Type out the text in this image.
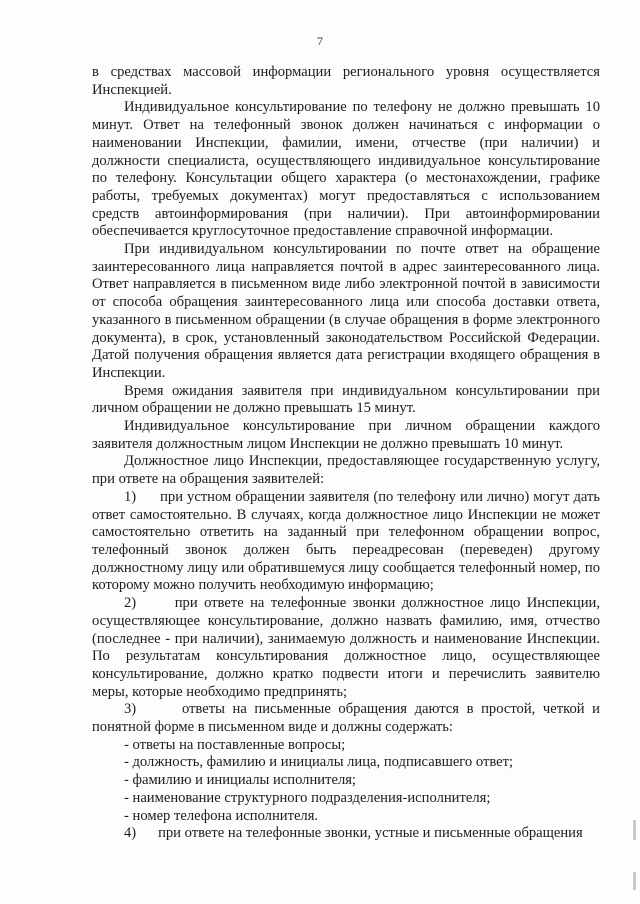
7

в средствах массовой информации регионального уровня осуществляется Инспекцией.

Индивидуальное консультирование по телефону не должно превышать 10 минут. Ответ на телефонный звонок должен начинаться с информации о наименовании Инспекции, фамилии, имени, отчестве (при наличии) и должности специалиста, осуществляющего индивидуальное консультирование по телефону. Консультации общего характера (о местонахождении, графике работы, требуемых документах) могут предоставляться с использованием средств автоинформирования (при наличии). При автоинформировании обеспечивается круглосуточное предоставление справочной информации.

При индивидуальном консультировании по почте ответ на обращение заинтересованного лица направляется почтой в адрес заинтересованного лица. Ответ направляется в письменном виде либо электронной почтой в зависимости от способа обращения заинтересованного лица или способа доставки ответа, указанного в письменном обращении (в случае обращения в форме электронного документа), в срок, установленный законодательством Российской Федерации. Датой получения обращения является дата регистрации входящего обращения в Инспекции.

Время ожидания заявителя при индивидуальном консультировании при личном обращении не должно превышать 15 минут.

Индивидуальное консультирование при личном обращении каждого заявителя должностным лицом Инспекции не должно превышать 10 минут.

Должностное лицо Инспекции, предоставляющее государственную услугу, при ответе на обращения заявителей:

1) при устном обращении заявителя (по телефону или лично) могут дать ответ самостоятельно. В случаях, когда должностное лицо Инспекции не может самостоятельно ответить на заданный при телефонном обращении вопрос, телефонный звонок должен быть переадресован (переведен) другому должностному лицу или обратившемуся лицу сообщается телефонный номер, по которому можно получить необходимую информацию;

2)	при ответе на телефонные звонки должностное лицо Инспекции, осуществляющее консультирование, должно назвать фамилию, имя, отчество (последнее - при наличии), занимаемую должность и наименование Инспекции. По результатам консультирования должностное лицо, осуществляющее консультирование, должно кратко подвести итоги и перечислить заявителю меры, которые необходимо предпринять;

3)	ответы на письменные обращения даются в простой, четкой и понятной форме в письменном виде и должны содержать:

- ответы на поставленные вопросы;
- должность, фамилию и инициалы лица, подписавшего ответ;
- фамилию и инициалы исполнителя;
- наименование структурного подразделения-исполнителя;
- номер телефона исполнителя.

4) при ответе на телефонные звонки, устные и письменные обращения
